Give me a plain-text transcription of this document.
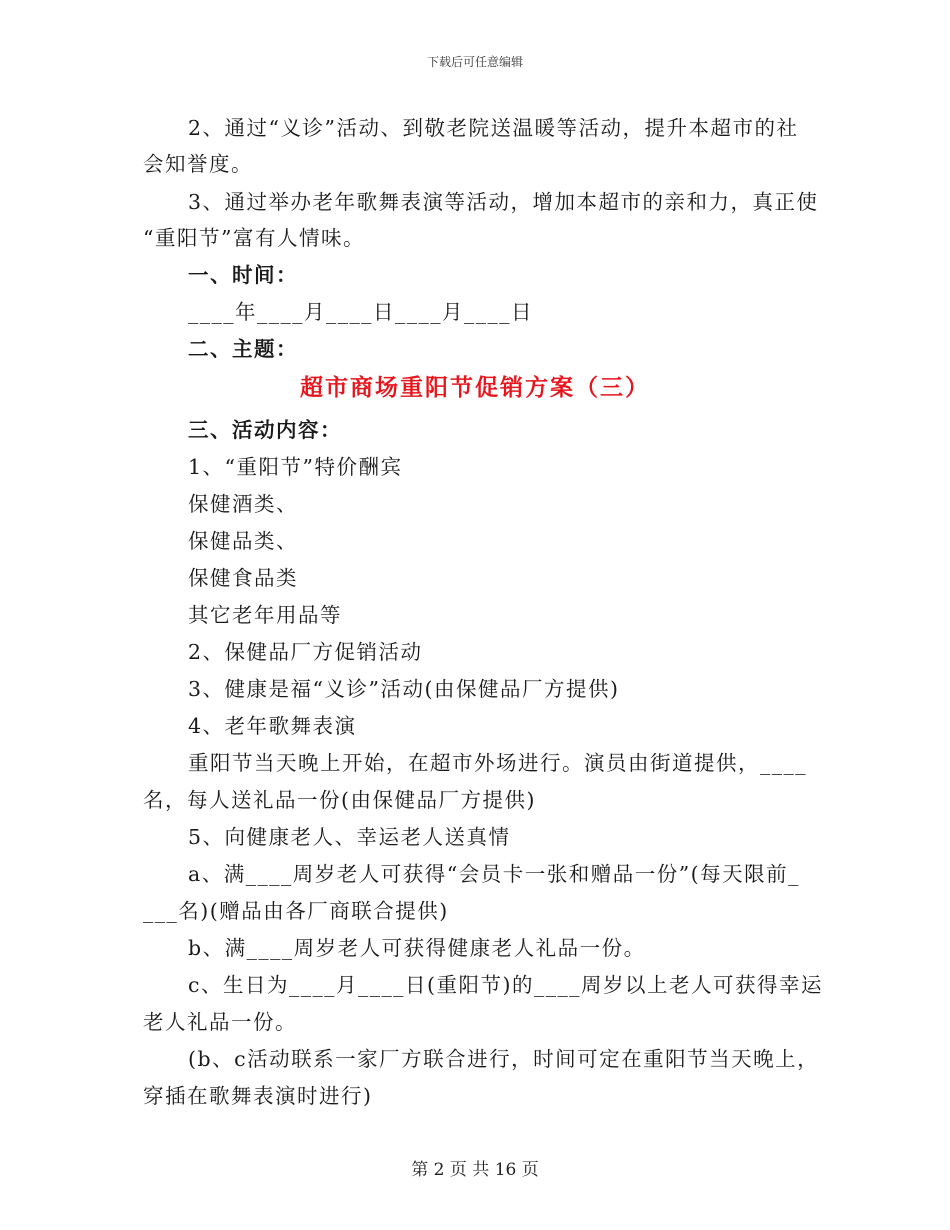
下载后可任意编辑
2、通过“义诊”活动、到敬老院送温暖等活动，提升本超市的社
会知誉度。
3、通过举办老年歌舞表演等活动，增加本超市的亲和力，真正使
“重阳节”富有人情味。
一、时间：
____年____月____日____月____日
二、主题：
超市商场重阳节促销方案（三）
三、活动内容：
1、“重阳节”特价酬宾
保健酒类、
保健品类、
保健食品类
其它老年用品等
2、保健品厂方促销活动
3、健康是福“义诊”活动(由保健品厂方提供)
4、老年歌舞表演
重阳节当天晚上开始，在超市外场进行。演员由街道提供，____
名，每人送礼品一份(由保健品厂方提供)
5、向健康老人、幸运老人送真情
a、满____周岁老人可获得“会员卡一张和赠品一份”(每天限前_
___名)(赠品由各厂商联合提供)
b、满____周岁老人可获得健康老人礼品一份。
c、生日为____月____日(重阳节)的____周岁以上老人可获得幸运
老人礼品一份。
(b、c活动联系一家厂方联合进行，时间可定在重阳节当天晚上，
穿插在歌舞表演时进行)
第 2 页 共 16 页
